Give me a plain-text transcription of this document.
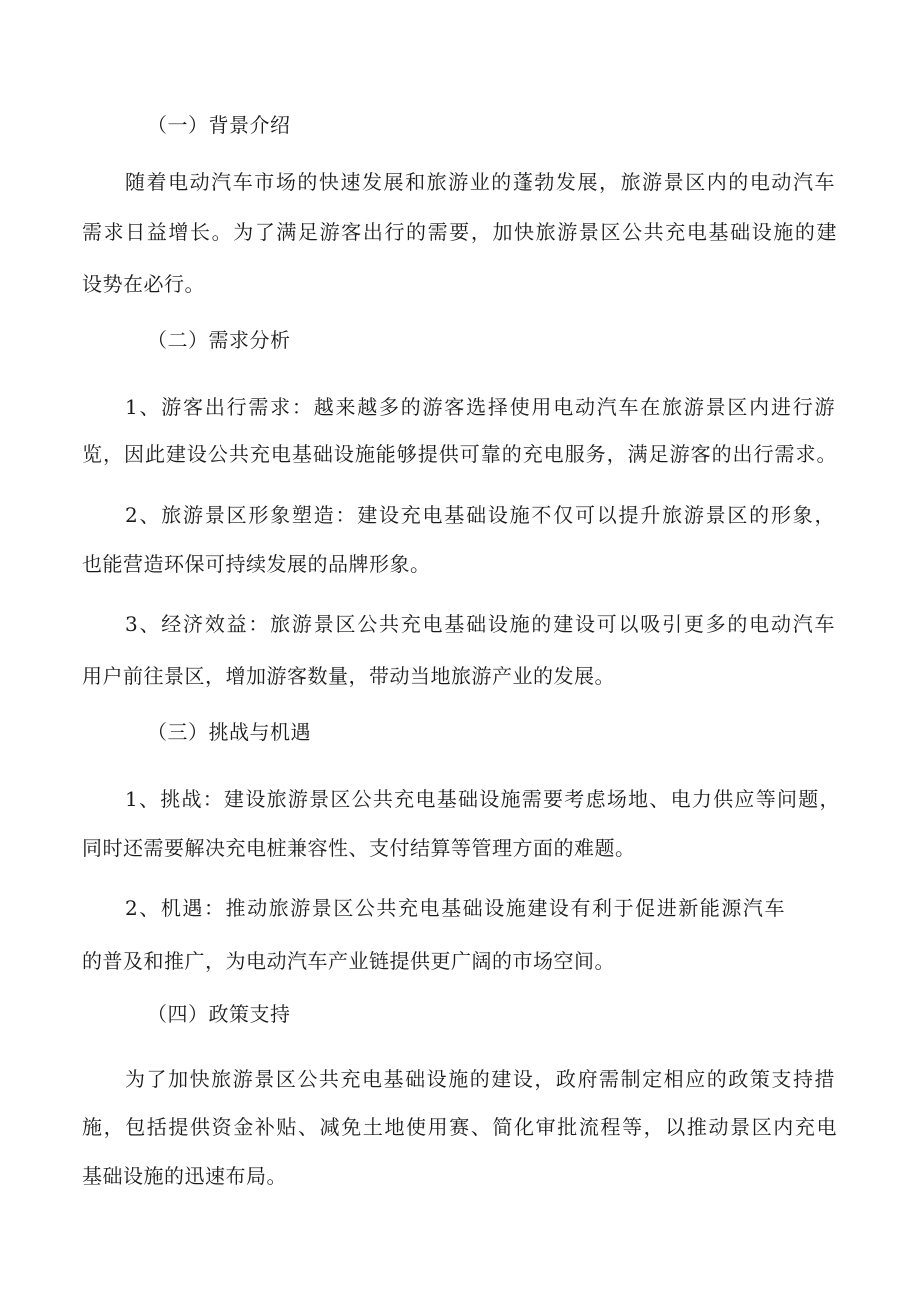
（一）背景介绍
随着电动汽车市场的快速发展和旅游业的蓬勃发展，旅游景区内的电动汽车
需求日益增长。为了满足游客出行的需要，加快旅游景区公共充电基础设施的建
设势在必行。
（二）需求分析
1、游客出行需求：越来越多的游客选择使用电动汽车在旅游景区内进行游
览，因此建设公共充电基础设施能够提供可靠的充电服务，满足游客的出行需求。
2、旅游景区形象塑造：建设充电基础设施不仅可以提升旅游景区的形象，
也能营造环保可持续发展的品牌形象。
3、经济效益：旅游景区公共充电基础设施的建设可以吸引更多的电动汽车
用户前往景区，增加游客数量，带动当地旅游产业的发展。
（三）挑战与机遇
1、挑战：建设旅游景区公共充电基础设施需要考虑场地、电力供应等问题，
同时还需要解决充电桩兼容性、支付结算等管理方面的难题。
2、机遇：推动旅游景区公共充电基础设施建设有利于促进新能源汽车
的普及和推广，为电动汽车产业链提供更广阔的市场空间。
（四）政策支持
为了加快旅游景区公共充电基础设施的建设，政府需制定相应的政策支持措
施，包括提供资金补贴、减免土地使用赛、简化审批流程等，以推动景区内充电
基础设施的迅速布局。
